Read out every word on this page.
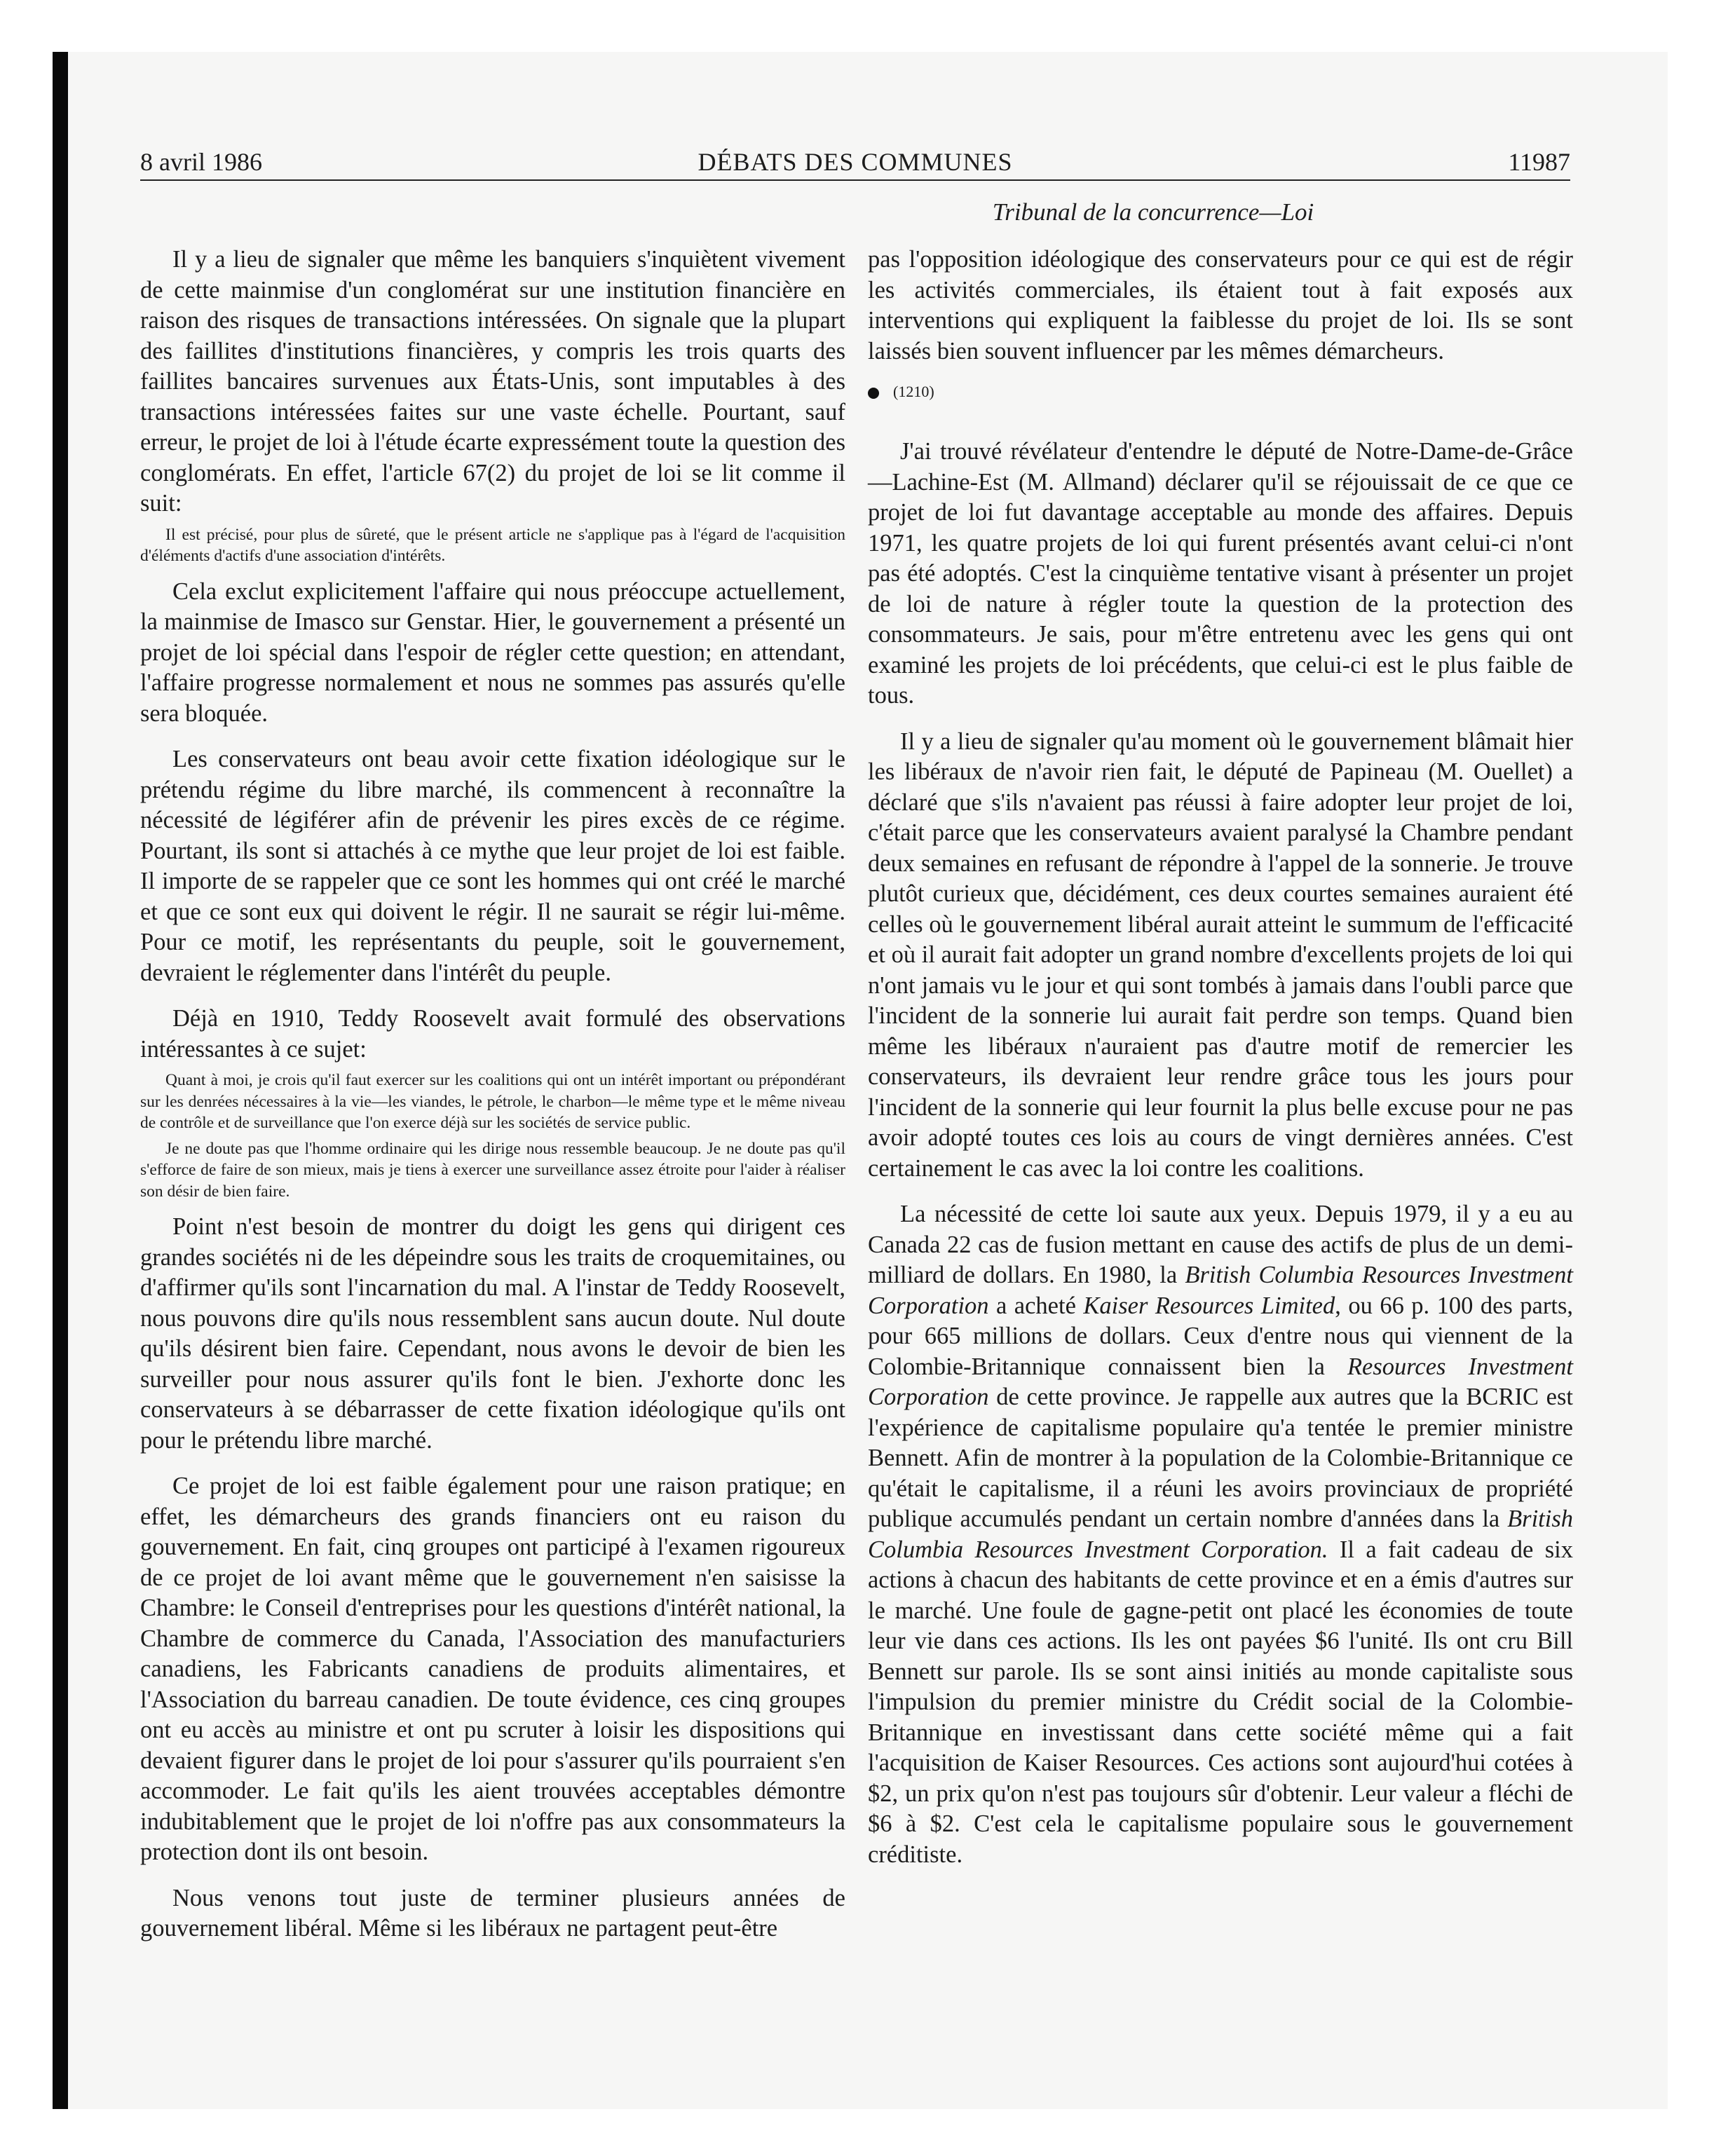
8 avril 1986	DÉBATS DES COMMUNES	11987
Tribunal de la concurrence—Loi

Il y a lieu de signaler que même les banquiers s'inquiètent vivement de cette mainmise d'un conglomérat sur une institution financière en raison des risques de transactions intéressées. On signale que la plupart des faillites d'institutions financières, y compris les trois quarts des faillites bancaires survenues aux États-Unis, sont imputables à des transactions intéressées faites sur une vaste échelle. Pourtant, sauf erreur, le projet de loi à l'étude écarte expressément toute la question des conglomérats. En effet, l'article 67(2) du projet de loi se lit comme il suit:

Il est précisé, pour plus de sûreté, que le présent article ne s'applique pas à l'égard de l'acquisition d'éléments d'actifs d'une association d'intérêts.

Cela exclut explicitement l'affaire qui nous préoccupe actuellement, la mainmise de Imasco sur Genstar. Hier, le gouvernement a présenté un projet de loi spécial dans l'espoir de régler cette question; en attendant, l'affaire progresse normalement et nous ne sommes pas assurés qu'elle sera bloquée.

Les conservateurs ont beau avoir cette fixation idéologique sur le prétendu régime du libre marché, ils commencent à reconnaître la nécessité de légiférer afin de prévenir les pires excès de ce régime. Pourtant, ils sont si attachés à ce mythe que leur projet de loi est faible. Il importe de se rappeler que ce sont les hommes qui ont créé le marché et que ce sont eux qui doivent le régir. Il ne saurait se régir lui-même. Pour ce motif, les représentants du peuple, soit le gouvernement, devraient le réglementer dans l'intérêt du peuple.

Déjà en 1910, Teddy Roosevelt avait formulé des observations intéressantes à ce sujet:

Quant à moi, je crois qu'il faut exercer sur les coalitions qui ont un intérêt important ou prépondérant sur les denrées nécessaires à la vie—les viandes, le pétrole, le charbon—le même type et le même niveau de contrôle et de surveillance que l'on exerce déjà sur les sociétés de service public.

Je ne doute pas que l'homme ordinaire qui les dirige nous ressemble beaucoup. Je ne doute pas qu'il s'efforce de faire de son mieux, mais je tiens à exercer une surveillance assez étroite pour l'aider à réaliser son désir de bien faire.

Point n'est besoin de montrer du doigt les gens qui dirigent ces grandes sociétés ni de les dépeindre sous les traits de croquemitaines, ou d'affirmer qu'ils sont l'incarnation du mal. A l'instar de Teddy Roosevelt, nous pouvons dire qu'ils nous ressemblent sans aucun doute. Nul doute qu'ils désirent bien faire. Cependant, nous avons le devoir de bien les surveiller pour nous assurer qu'ils font le bien. J'exhorte donc les conservateurs à se débarrasser de cette fixation idéologique qu'ils ont pour le prétendu libre marché.

Ce projet de loi est faible également pour une raison pratique; en effet, les démarcheurs des grands financiers ont eu raison du gouvernement. En fait, cinq groupes ont participé à l'examen rigoureux de ce projet de loi avant même que le gouvernement n'en saisisse la Chambre: le Conseil d'entreprises pour les questions d'intérêt national, la Chambre de commerce du Canada, l'Association des manufacturiers canadiens, les Fabricants canadiens de produits alimentaires, et l'Association du barreau canadien. De toute évidence, ces cinq groupes ont eu accès au ministre et ont pu scruter à loisir les dispositions qui devaient figurer dans le projet de loi pour s'assurer qu'ils pourraient s'en accommoder. Le fait qu'ils les aient trouvées acceptables démontre indubitablement que le projet de loi n'offre pas aux consommateurs la protection dont ils ont besoin.

Nous venons tout juste de terminer plusieurs années de gouvernement libéral. Même si les libéraux ne partagent peut-être

pas l'opposition idéologique des conservateurs pour ce qui est de régir les activités commerciales, ils étaient tout à fait exposés aux interventions qui expliquent la faiblesse du projet de loi. Ils se sont laissés bien souvent influencer par les mêmes démarcheurs.

(1210)

J'ai trouvé révélateur d'entendre le député de Notre-Dame-de-Grâce—Lachine-Est (M. Allmand) déclarer qu'il se réjouissait de ce que ce projet de loi fut davantage acceptable au monde des affaires. Depuis 1971, les quatre projets de loi qui furent présentés avant celui-ci n'ont pas été adoptés. C'est la cinquième tentative visant à présenter un projet de loi de nature à régler toute la question de la protection des consommateurs. Je sais, pour m'être entretenu avec les gens qui ont examiné les projets de loi précédents, que celui-ci est le plus faible de tous.

Il y a lieu de signaler qu'au moment où le gouvernement blâmait hier les libéraux de n'avoir rien fait, le député de Papineau (M. Ouellet) a déclaré que s'ils n'avaient pas réussi à faire adopter leur projet de loi, c'était parce que les conservateurs avaient paralysé la Chambre pendant deux semaines en refusant de répondre à l'appel de la sonnerie. Je trouve plutôt curieux que, décidément, ces deux courtes semaines auraient été celles où le gouvernement libéral aurait atteint le summum de l'efficacité et où il aurait fait adopter un grand nombre d'excellents projets de loi qui n'ont jamais vu le jour et qui sont tombés à jamais dans l'oubli parce que l'incident de la sonnerie lui aurait fait perdre son temps. Quand bien même les libéraux n'auraient pas d'autre motif de remercier les conservateurs, ils devraient leur rendre grâce tous les jours pour l'incident de la sonnerie qui leur fournit la plus belle excuse pour ne pas avoir adopté toutes ces lois au cours de vingt dernières années. C'est certainement le cas avec la loi contre les coalitions.

La nécessité de cette loi saute aux yeux. Depuis 1979, il y a eu au Canada 22 cas de fusion mettant en cause des actifs de plus de un demi-milliard de dollars. En 1980, la British Columbia Resources Investment Corporation a acheté Kaiser Resources Limited, ou 66 p. 100 des parts, pour 665 millions de dollars. Ceux d'entre nous qui viennent de la Colombie-Britannique connaissent bien la Resources Investment Corporation de cette province. Je rappelle aux autres que la BCRIC est l'expérience de capitalisme populaire qu'a tentée le premier ministre Bennett. Afin de montrer à la population de la Colombie-Britannique ce qu'était le capitalisme, il a réuni les avoirs provinciaux de propriété publique accumulés pendant un certain nombre d'années dans la British Columbia Resources Investment Corporation. Il a fait cadeau de six actions à chacun des habitants de cette province et en a émis d'autres sur le marché. Une foule de gagne-petit ont placé les économies de toute leur vie dans ces actions. Ils les ont payées $6 l'unité. Ils ont cru Bill Bennett sur parole. Ils se sont ainsi initiés au monde capitaliste sous l'impulsion du premier ministre du Crédit social de la Colombie-Britannique en investissant dans cette société même qui a fait l'acquisition de Kaiser Resources. Ces actions sont aujourd'hui cotées à $2, un prix qu'on n'est pas toujours sûr d'obtenir. Leur valeur a fléchi de $6 à $2. C'est cela le capitalisme populaire sous le gouvernement créditiste.
